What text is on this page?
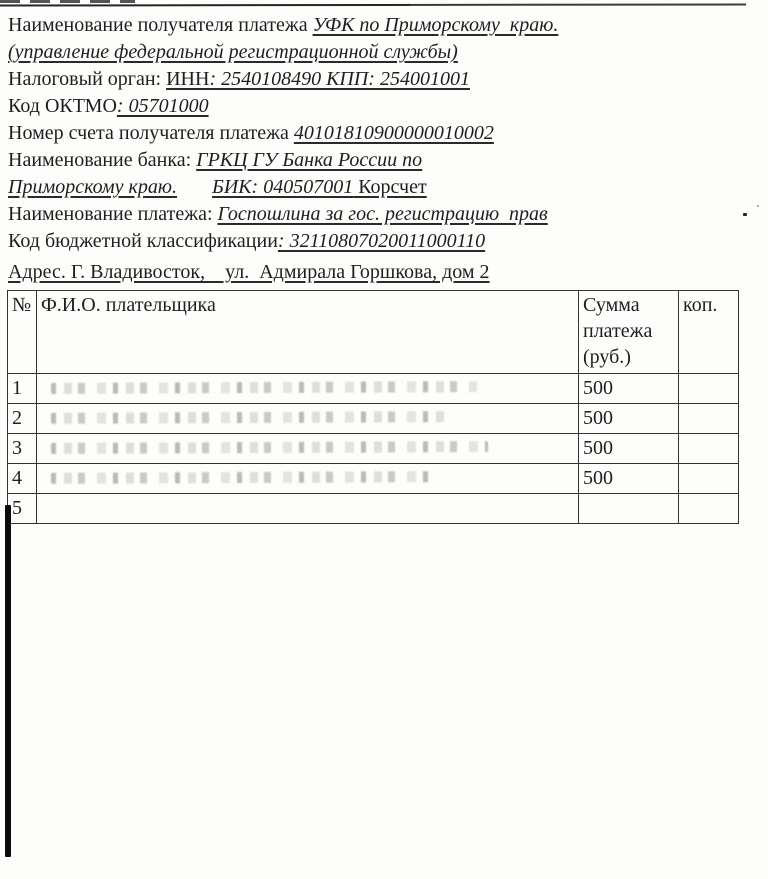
Наименование получателя платежа УФК по Приморскому  краю.
(управление федеральной регистрационной службы)
Налоговый орган: ИНН: 2540108490 КПП: 254001001
Код ОКТМО: 05701000
Номер счета получателя платежа 40101810900000010002
Наименование банка: ГРКЦ ГУ Банка России по
Приморскому краю. БИК: 040507001 Корсчет
Наименование платежа: Госпошлина за гос. регистрацию  прав
Код бюджетной классификации: 32110807020011000110
Адрес. Г. Владивосток,    ул.  Адмирала Горшкова, дом 2
№	Ф.И.О. плательщика	Сумма платежа (руб.)	коп.
1		500	
2		500	
3		500	
4		500	
5			
